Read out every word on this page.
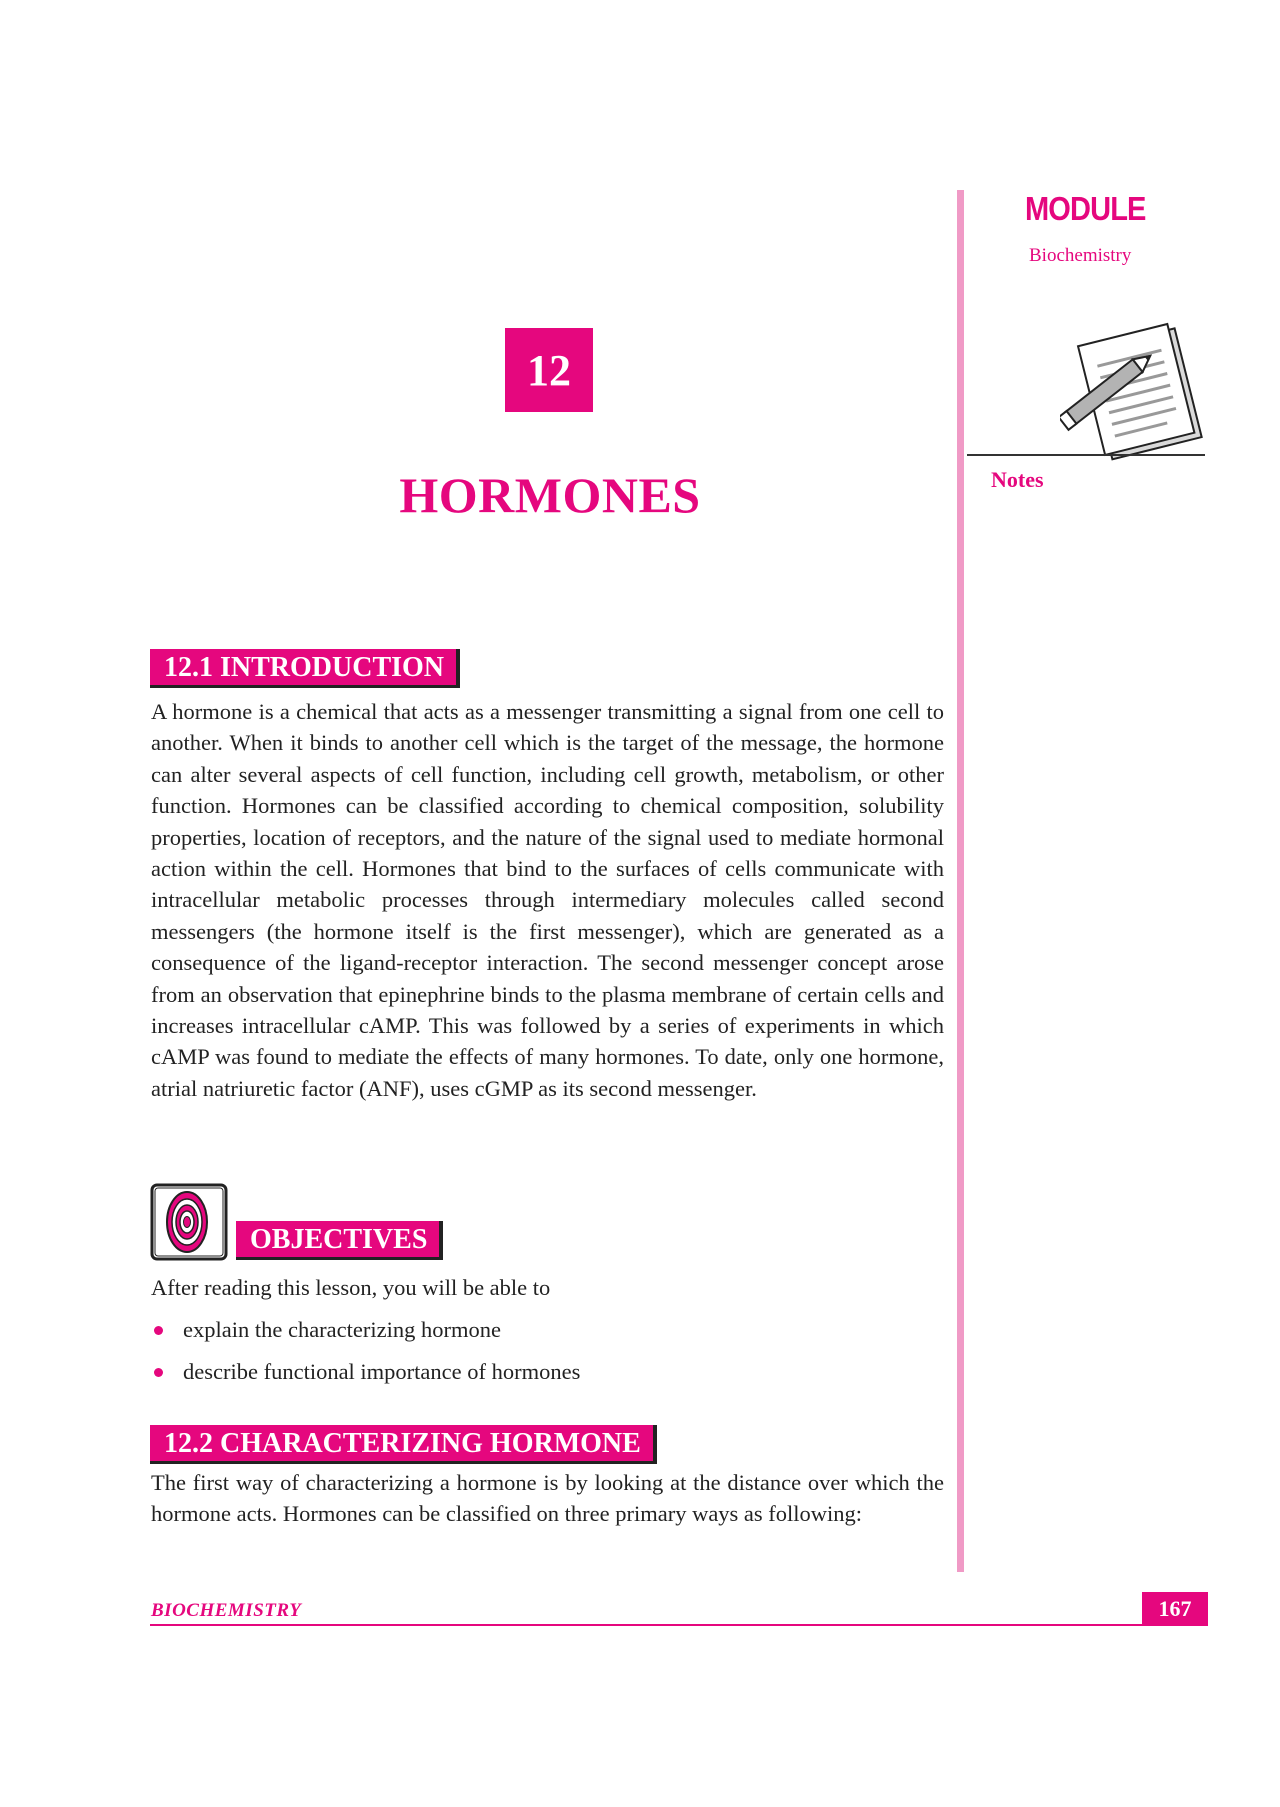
MODULE
Biochemistry
Notes
12
HORMONES
12.1 INTRODUCTION
A hormone is a chemical that acts as a messenger transmitting a signal from one cell to another. When it binds to another cell which is the target of the message, the hormone can alter several aspects of cell function, including cell growth, metabolism, or other function. Hormones can be classified according to chemical composition, solubility properties, location of receptors, and the nature of the signal used to mediate hormonal action within the cell. Hormones that bind to the surfaces of cells communicate with intracellular metabolic processes through intermediary molecules called second messengers (the hormone itself is the first messenger), which are generated as a consequence of the ligand-receptor interaction. The second messenger concept arose from an observation that epinephrine binds to the plasma membrane of certain cells and increases intracellular cAMP. This was followed by a series of experiments in which cAMP was found to mediate the effects of many hormones. To date, only one hormone, atrial natriuretic factor (ANF), uses cGMP as its second messenger.
OBJECTIVES
After reading this lesson, you will be able to
explain the characterizing hormone
describe functional importance of hormones
12.2 CHARACTERIZING HORMONE
The first way of characterizing a hormone is by looking at the distance over which the hormone acts. Hormones can be classified on three primary ways as following:
BIOCHEMISTRY	167
